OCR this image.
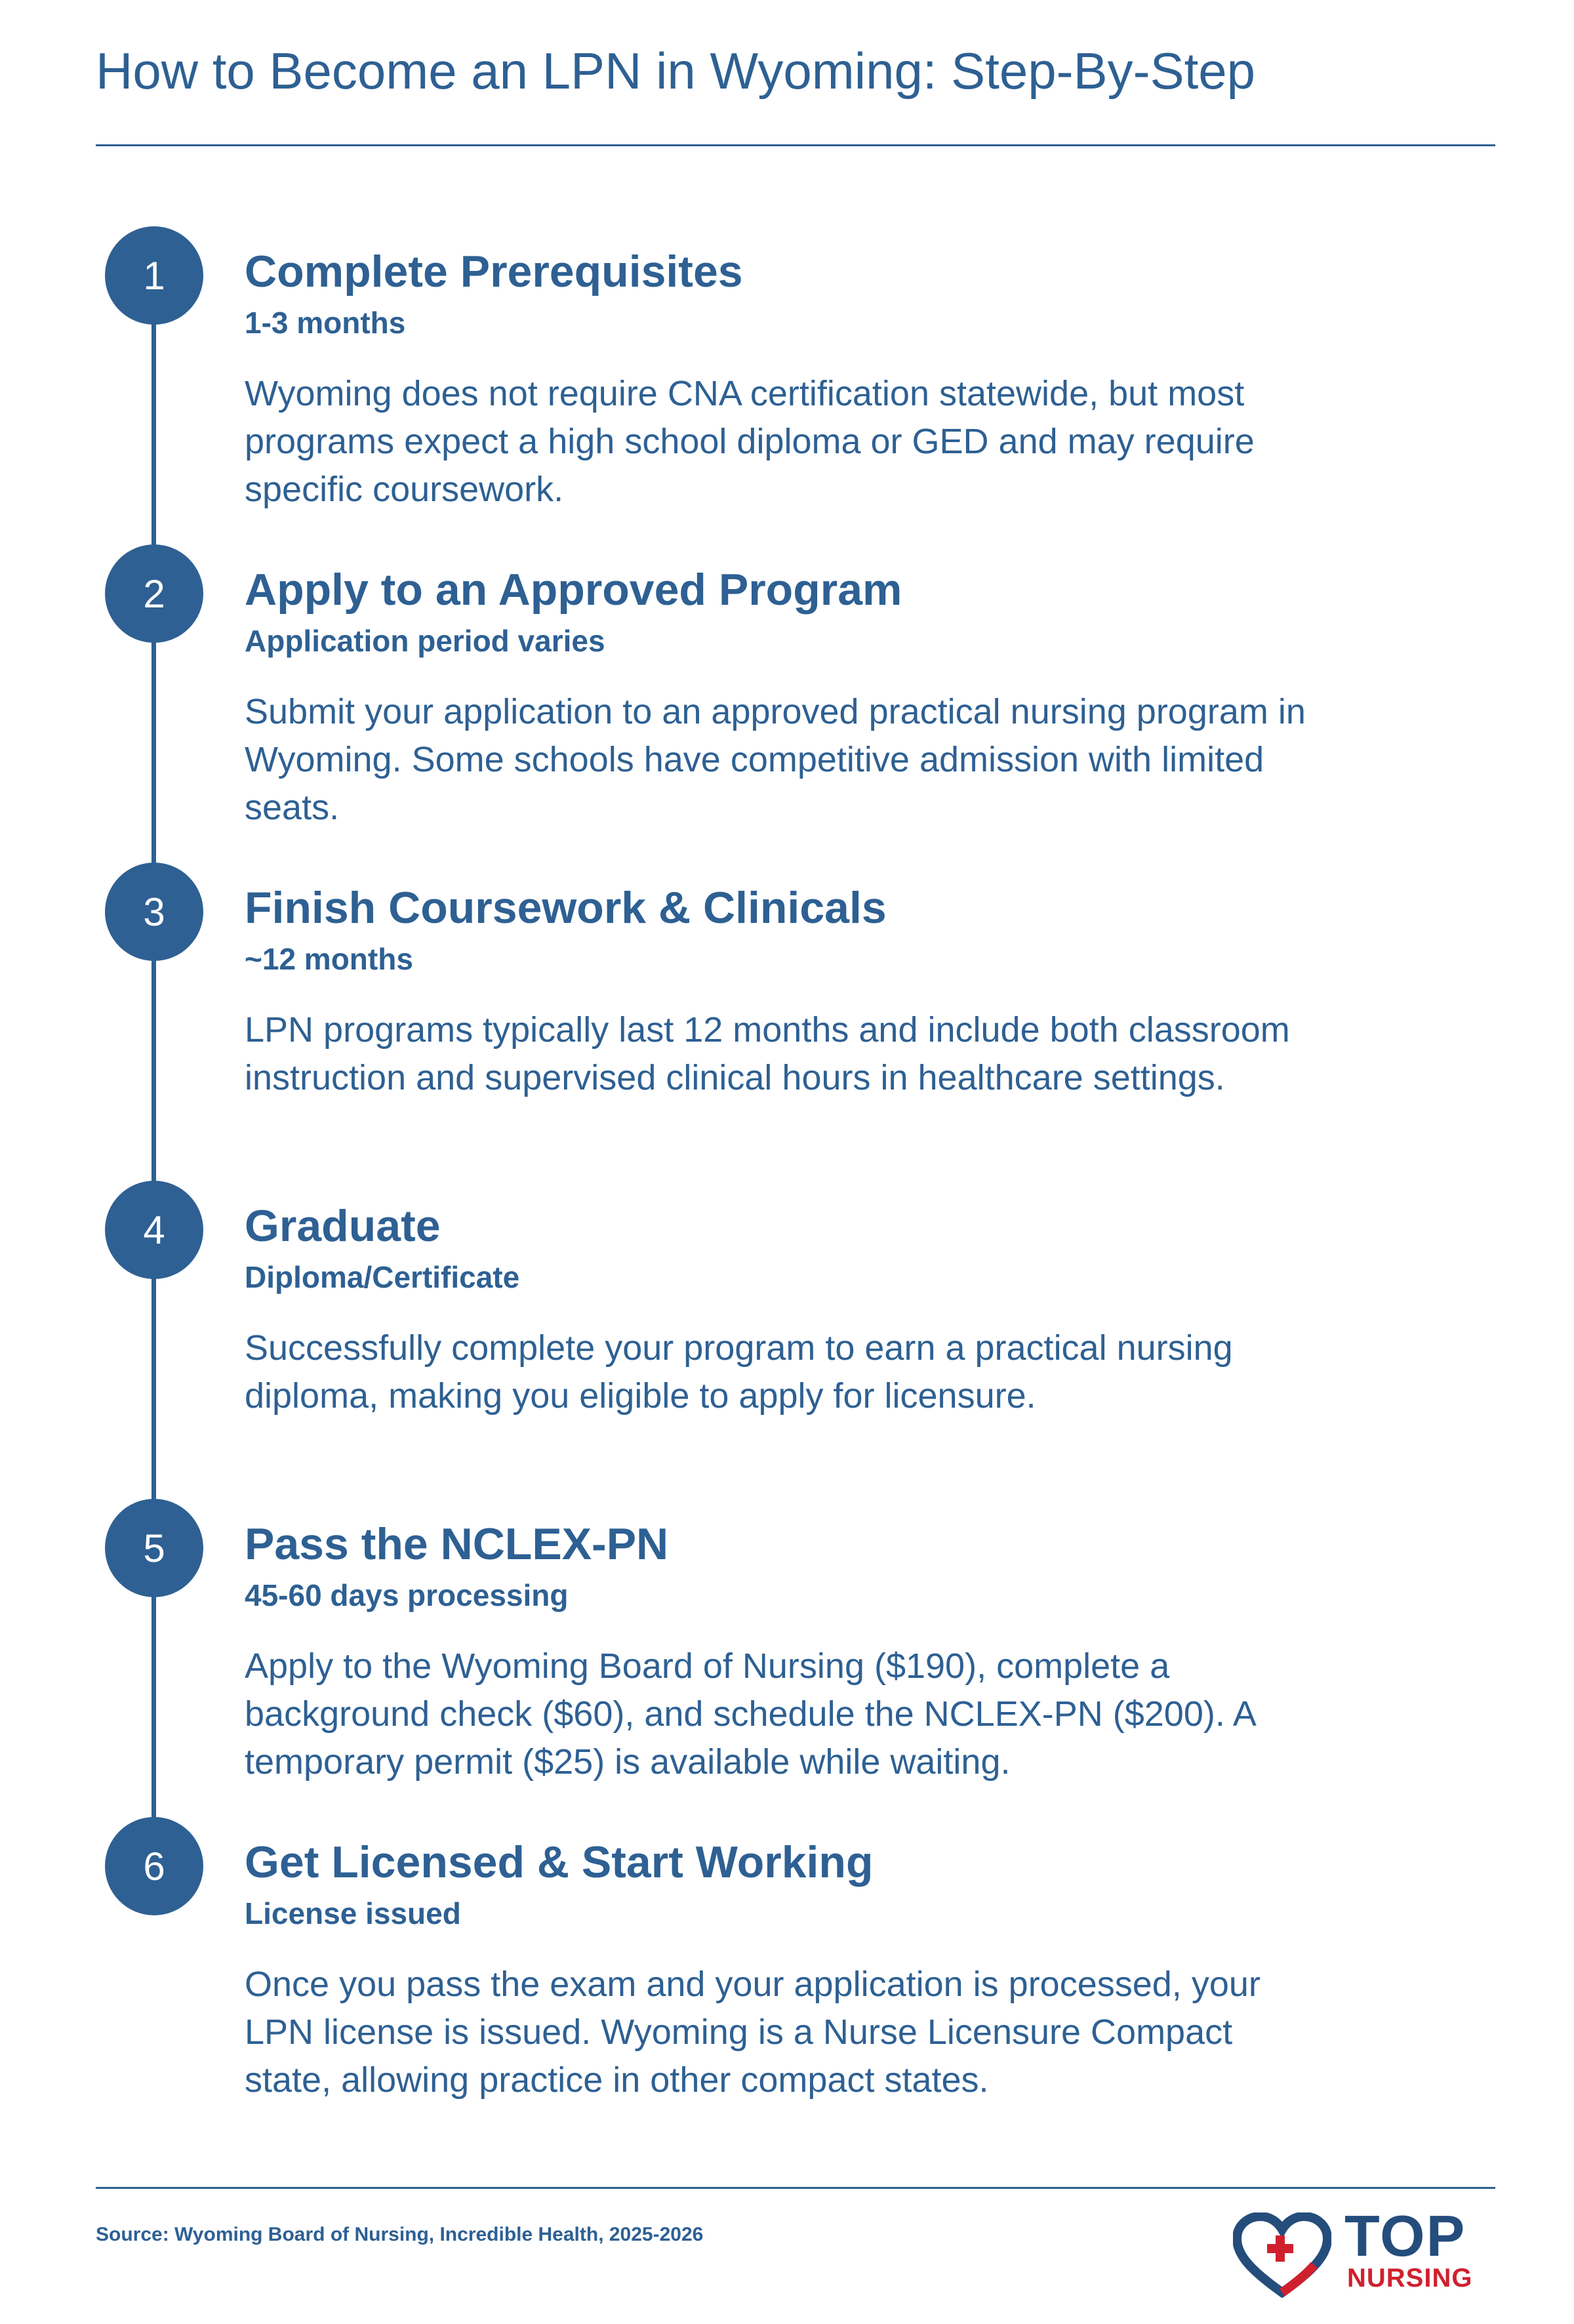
How to Become an LPN in Wyoming: Step-By-Step
1	Complete Prerequisites
1-3 months
Wyoming does not require CNA certification statewide, but most programs expect a high school diploma or GED and may require specific coursework.
2	Apply to an Approved Program
Application period varies
Submit your application to an approved practical nursing program in Wyoming. Some schools have competitive admission with limited seats.
3	Finish Coursework & Clinicals
~12 months
LPN programs typically last 12 months and include both classroom instruction and supervised clinical hours in healthcare settings.
4	Graduate
Diploma/Certificate
Successfully complete your program to earn a practical nursing diploma, making you eligible to apply for licensure.
5	Pass the NCLEX-PN
45-60 days processing
Apply to the Wyoming Board of Nursing ($190), complete a background check ($60), and schedule the NCLEX-PN ($200). A temporary permit ($25) is available while waiting.
6	Get Licensed & Start Working
License issued
Once you pass the exam and your application is processed, your LPN license is issued. Wyoming is a Nurse Licensure Compact state, allowing practice in other compact states.
Source: Wyoming Board of Nursing, Incredible Health, 2025-2026	TOP
NURSING
